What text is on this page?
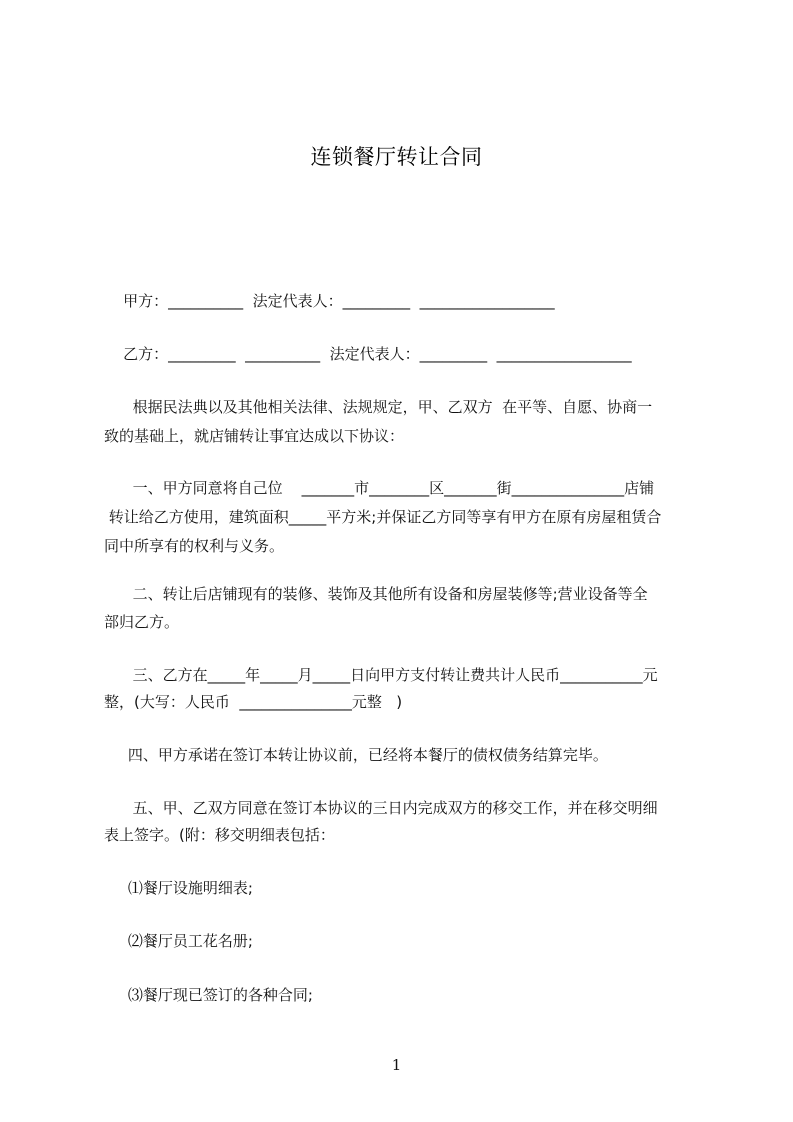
连锁餐厅转让合同
甲方：__________  法定代表人：_________  __________________
乙方：_________  __________  法定代表人：_________  __________________
根据民法典以及其他相关法律、法规规定，甲、乙双方  在平等、自愿、协商一
致的基础上，就店铺转让事宜达成以下协议：
一、甲方同意将自己位    _______市________区_______街_______________店铺
转让给乙方使用，建筑面积_____平方米;并保证乙方同等享有甲方在原有房屋租赁合
同中所享有的权利与义务。
二、转让后店铺现有的装修、装饰及其他所有设备和房屋装修等;营业设备等全
部归乙方。
三、乙方在_____年_____月_____日向甲方支付转让费共计人民币___________元
整，(大写：人民币  _______________元整   )
四、甲方承诺在签订本转让协议前，已经将本餐厅的债权债务结算完毕。
五、甲、乙双方同意在签订本协议的三日内完成双方的移交工作，并在移交明细
表上签字。(附：移交明细表包括：
⑴餐厅设施明细表;
⑵餐厅员工花名册;
⑶餐厅现已签订的各种合同;
1
